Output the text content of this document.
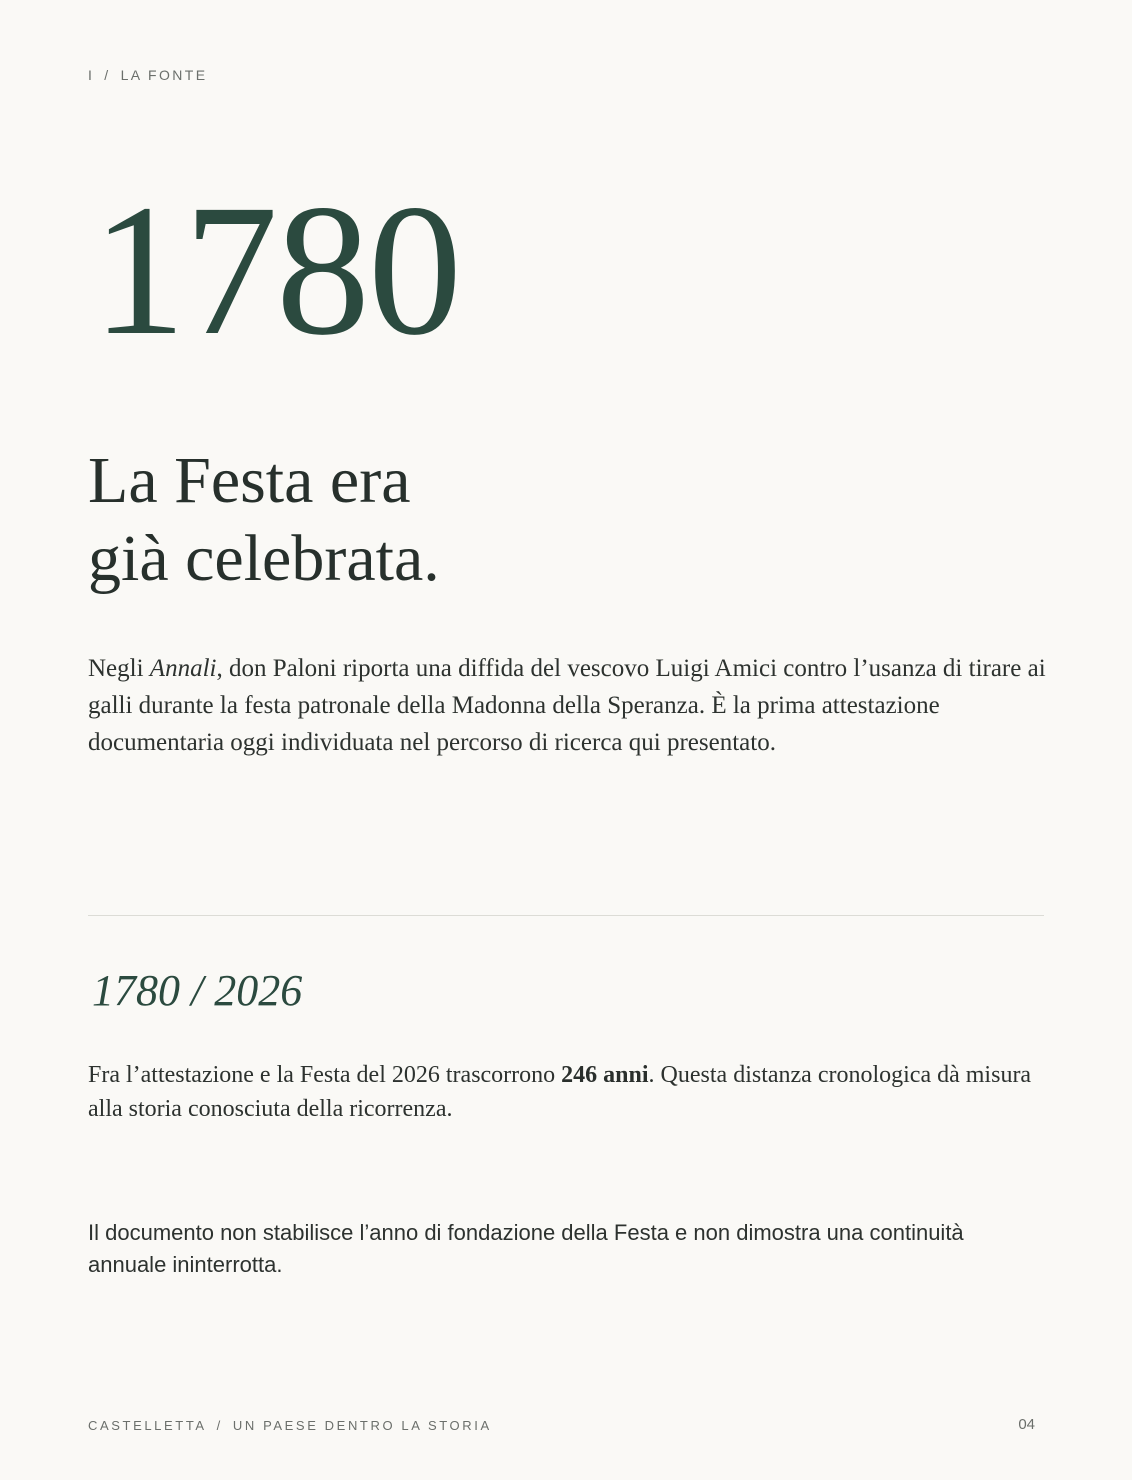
I / LA FONTE
1780
La Festa era
già celebrata.

Negli Annali, don Paloni riporta una diffida del vescovo Luigi Amici contro l’usanza di tirare ai galli durante la festa patronale della Madonna della Speranza. È la prima attestazione documentaria oggi individuata nel percorso di ricerca qui presentato.

1780 / 2026

Fra l’attestazione e la Festa del 2026 trascorrono 246 anni. Questa distanza cronologica dà misura alla storia conosciuta della ricorrenza.

Il documento non stabilisce l’anno di fondazione della Festa e non dimostra una continuità annuale ininterrotta.

CASTELLETTA / UN PAESE DENTRO LA STORIA	04
